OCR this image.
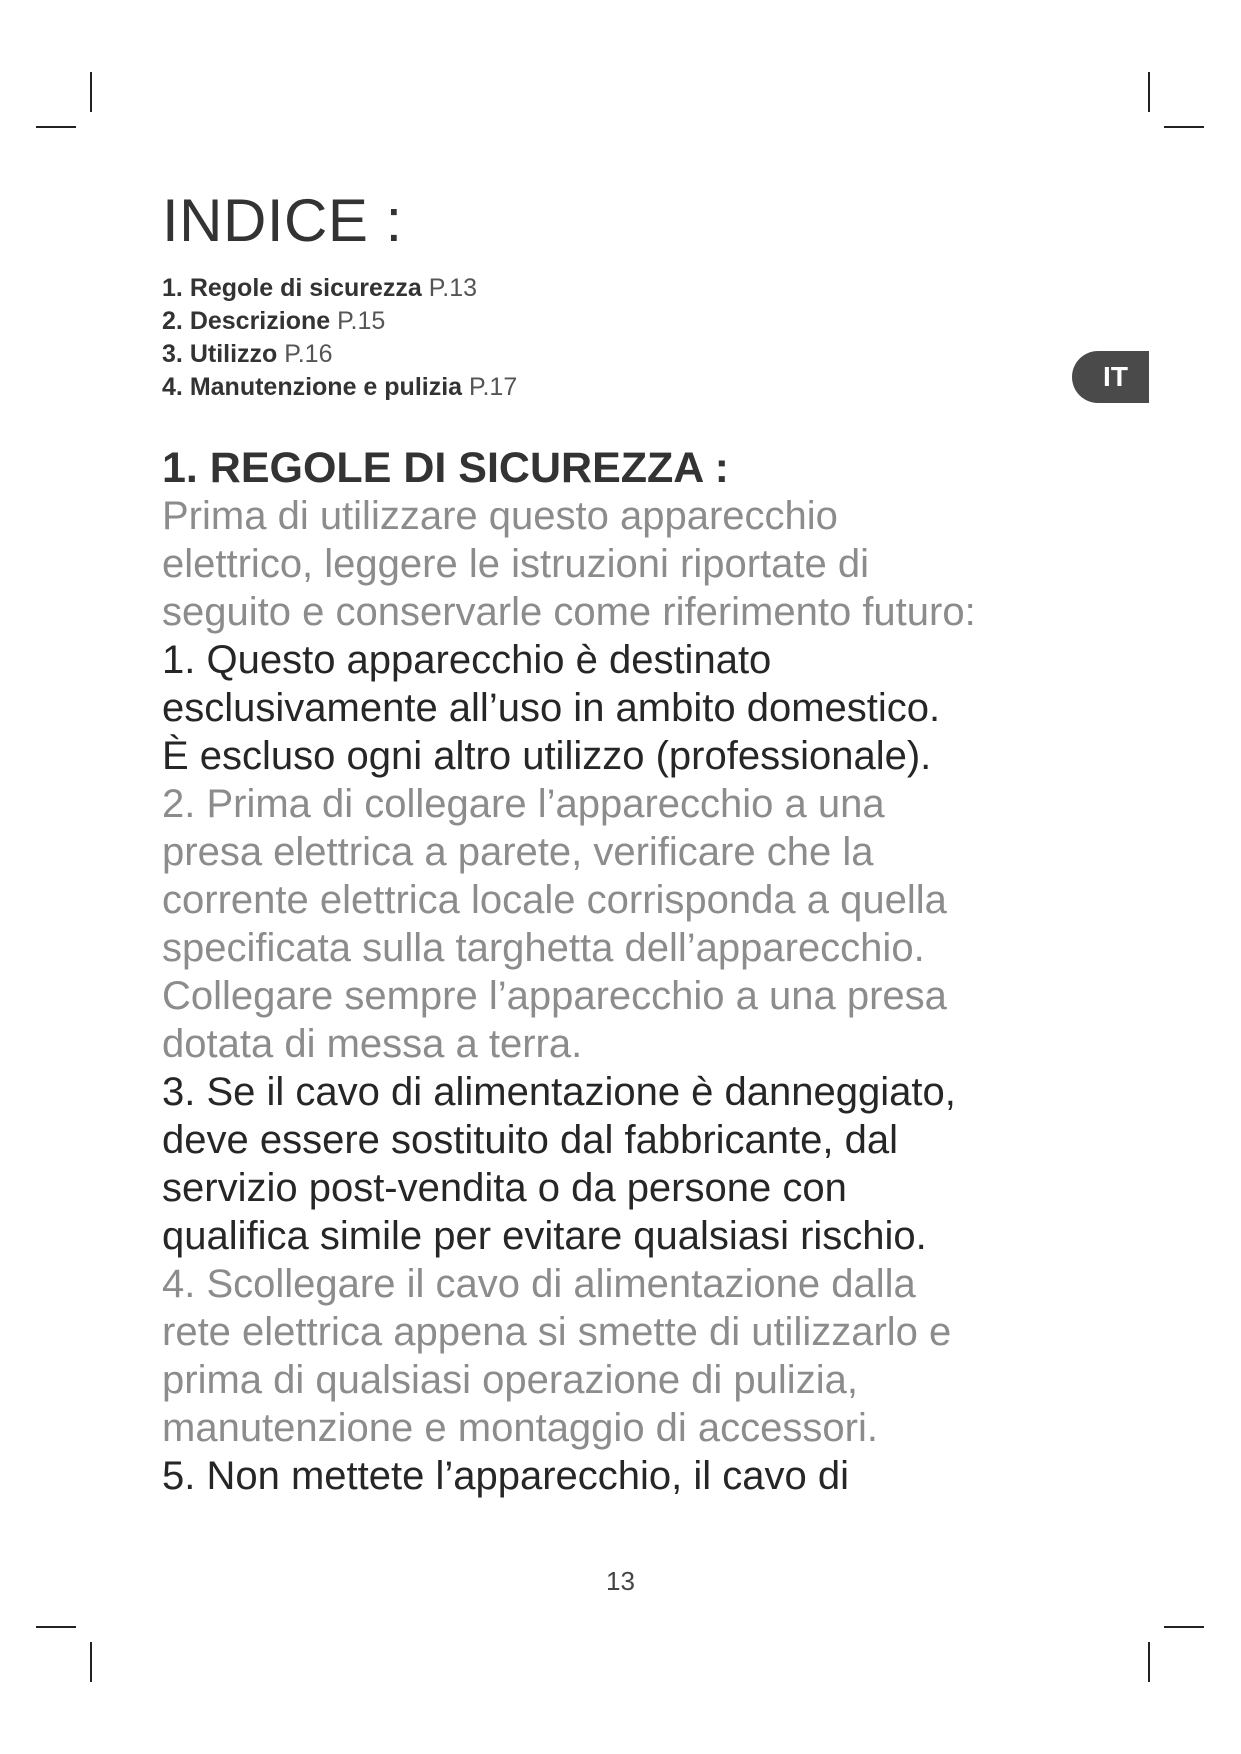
INDICE :
1. Regole di sicurezza P.13
2. Descrizione P.15
3. Utilizzo P.16
4. Manutenzione e pulizia P.17
1. REGOLE DI SICUREZZA :
Prima di utilizzare questo apparecchio
elettrico, leggere le istruzioni riportate di
seguito e conservarle come riferimento futuro:
1. Questo apparecchio è destinato
esclusivamente all’uso in ambito domestico.
È escluso ogni altro utilizzo (professionale).
2. Prima di collegare l’apparecchio a una
presa elettrica a parete, verificare che la
corrente elettrica locale corrisponda a quella
specificata sulla targhetta dell’apparecchio.
Collegare sempre l’apparecchio a una presa
dotata di messa a terra.
3. Se il cavo di alimentazione è danneggiato,
deve essere sostituito dal fabbricante, dal
servizio post-vendita o da persone con
qualifica simile per evitare qualsiasi rischio.
4. Scollegare il cavo di alimentazione dalla
rete elettrica appena si smette di utilizzarlo e
prima di qualsiasi operazione di pulizia,
manutenzione e montaggio di accessori.
5. Non mettete l’apparecchio, il cavo di
IT
13
